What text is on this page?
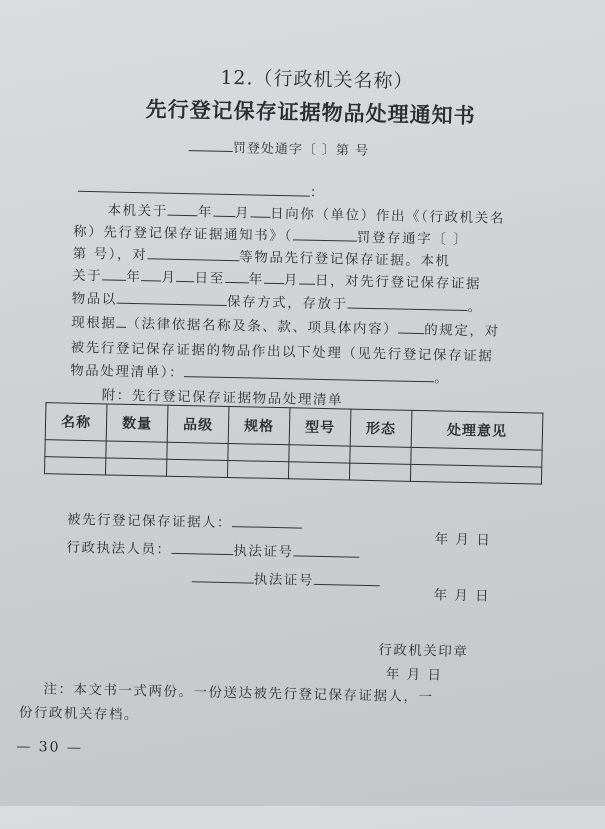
12.（行政机关名称）
先行登记保存证据物品处理通知书
罚登处通字〔 〕第 号
：
本机关于 年 月 日向你（单位）作出《（行政机关名
称）先行登记保存证据通知书》（	罚登存通字〔 〕
第 号），对	等物品先行登记保存证据。本机
关于 年 月 日至 年 月 日，对先行登记保存证据
物品以	保存方式，存放于	。
现根据 （法律依据名称及条、款、项具体内容） 的规定，对
被先行登记保存证据的物品作出以下处理（见先行登记保存证据
物品处理清单）：	。
附：先行登记保存证据物品处理清单
名称	数量	品级	规格	型号	形态	处理意见

被先行登记保存证据人：
年 月 日
行政执法人员：	执法证号
执法证号
年 月 日
行政机关印章
年 月 日
注：本文书一式两份。一份送达被先行登记保存证据人，一
份行政机关存档。
— 30 —
